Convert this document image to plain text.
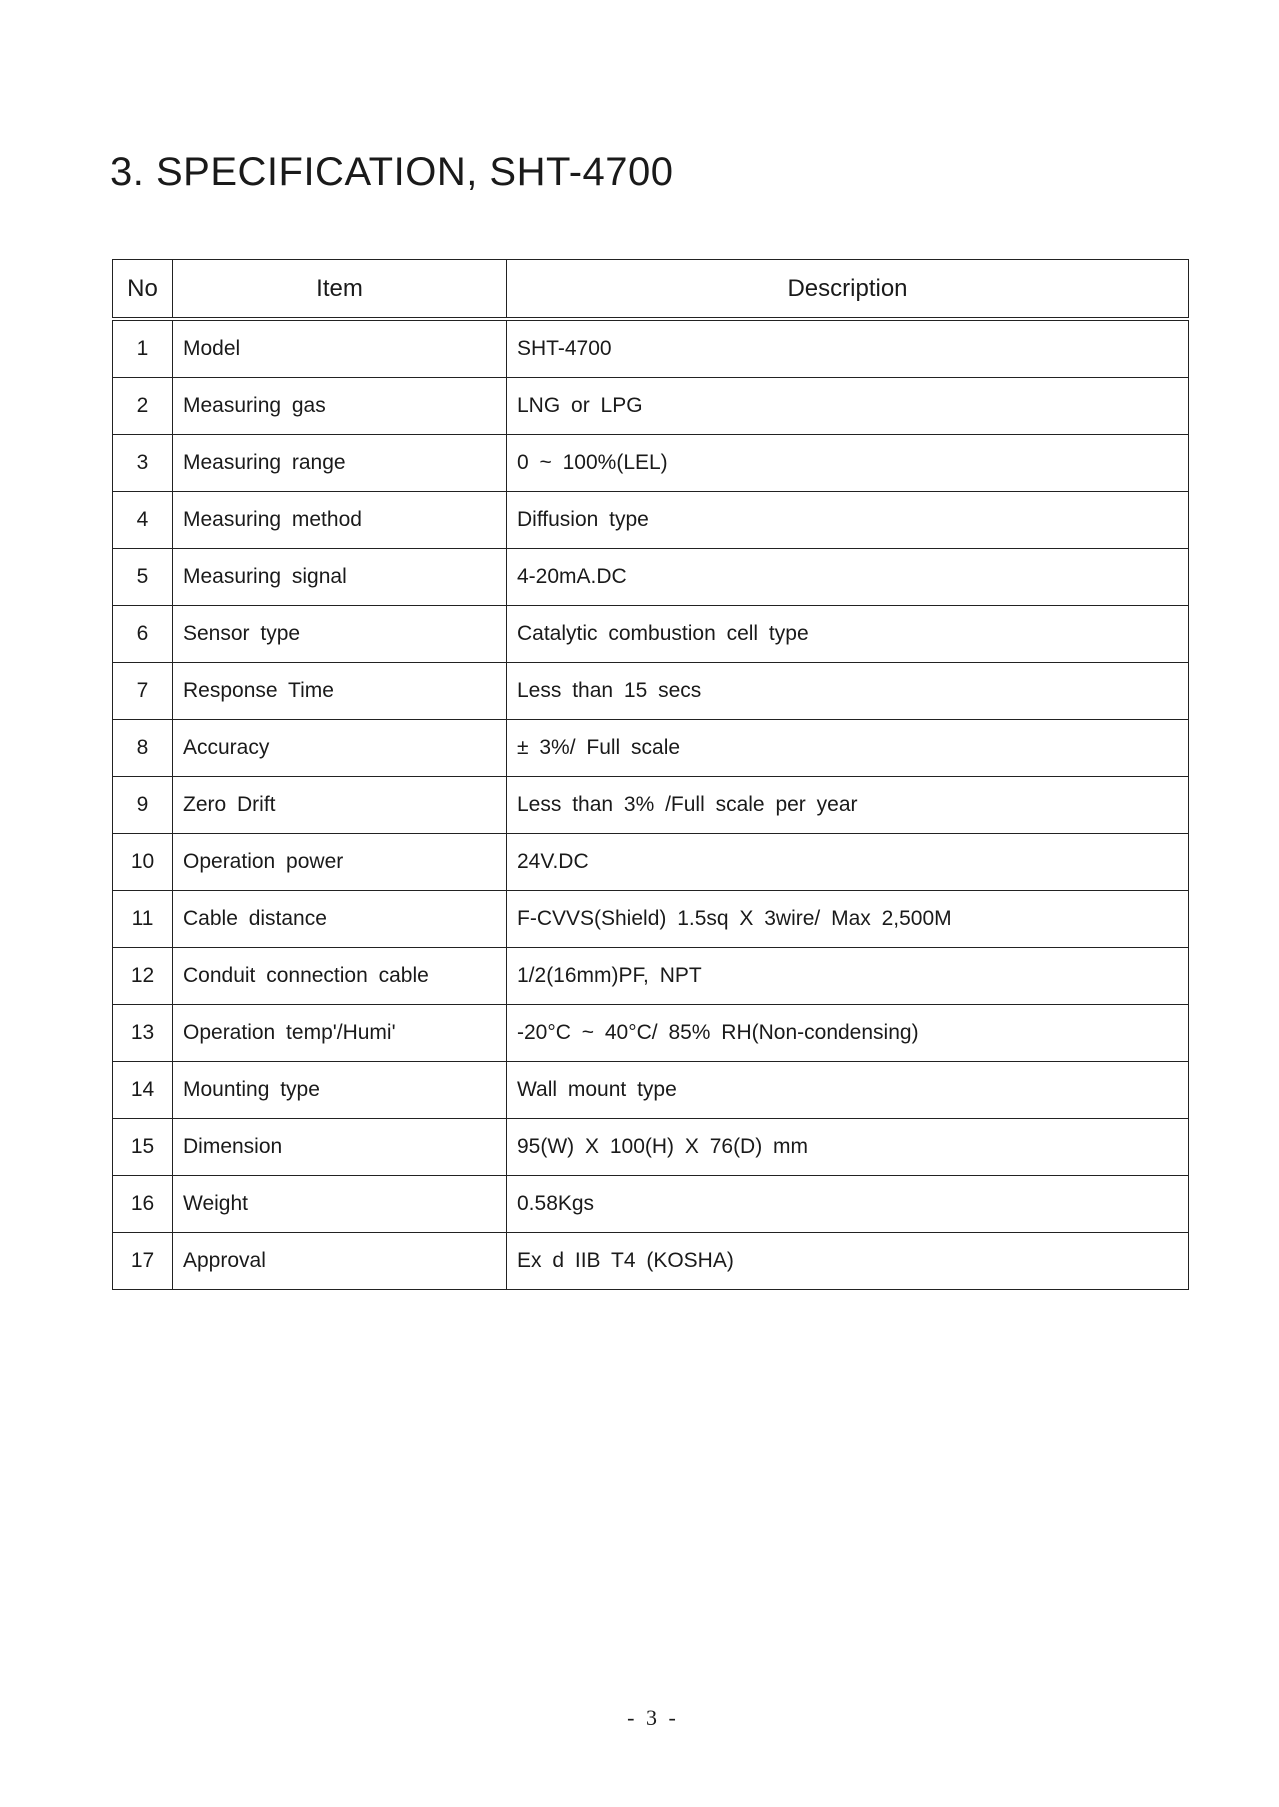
3. SPECIFICATION, SHT-4700
No	Item	Description
1	Model	SHT-4700
2	Measuring gas	LNG or LPG
3	Measuring range	0 ~ 100%(LEL)
4	Measuring method	Diffusion type
5	Measuring signal	4-20mA.DC
6	Sensor type	Catalytic combustion cell type
7	Response Time	Less than 15 secs
8	Accuracy	± 3%/ Full scale
9	Zero Drift	Less than 3% /Full scale per year
10	Operation power	24V.DC
11	Cable distance	F-CVVS(Shield) 1.5sq X 3wire/ Max 2,500M
12	Conduit connection cable	1/2(16mm)PF, NPT
13	Operation temp'/Humi'	-20°C ~ 40°C/ 85% RH(Non-condensing)
14	Mounting type	Wall mount type
15	Dimension	95(W) X 100(H) X 76(D) mm
16	Weight	0.58Kgs
17	Approval	Ex d IIB T4 (KOSHA)
- 3 -
